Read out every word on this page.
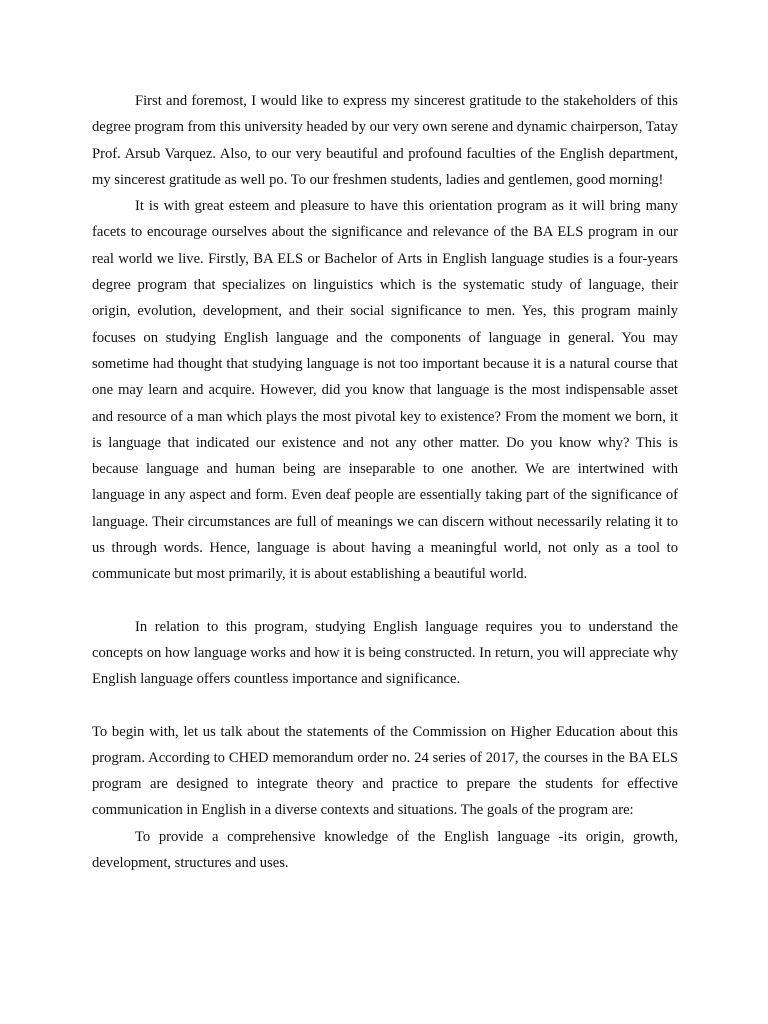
First and foremost, I would like to express my sincerest gratitude to the stakeholders of this degree program from this university headed by our very own serene and dynamic chairperson, Tatay Prof. Arsub Varquez. Also, to our very beautiful and profound faculties of the English department, my sincerest gratitude as well po. To our freshmen students, ladies and gentlemen, good morning!

It is with great esteem and pleasure to have this orientation program as it will bring many facets to encourage ourselves about the significance and relevance of the BA ELS program in our real world we live. Firstly, BA ELS or Bachelor of Arts in English language studies is a four-years degree program that specializes on linguistics which is the systematic study of language, their origin, evolution, development, and their social significance to men. Yes, this program mainly focuses on studying English language and the components of language in general. You may sometime had thought that studying language is not too important because it is a natural course that one may learn and acquire. However, did you know that language is the most indispensable asset and resource of a man which plays the most pivotal key to existence? From the moment we born, it is language that indicated our existence and not any other matter. Do you know why? This is because language and human being are inseparable to one another. We are intertwined with language in any aspect and form. Even deaf people are essentially taking part of the significance of language. Their circumstances are full of meanings we can discern without necessarily relating it to us through words. Hence, language is about having a meaningful world, not only as a tool to communicate but most primarily, it is about establishing a beautiful world.

In relation to this program, studying English language requires you to understand the concepts on how language works and how it is being constructed. In return, you will appreciate why English language offers countless importance and significance.

To begin with, let us talk about the statements of the Commission on Higher Education about this program. According to CHED memorandum order no. 24 series of 2017, the courses in the BA ELS program are designed to integrate theory and practice to prepare the students for effective communication in English in a diverse contexts and situations. The goals of the program are:

To provide a comprehensive knowledge of the English language -its origin, growth, development, structures and uses.
